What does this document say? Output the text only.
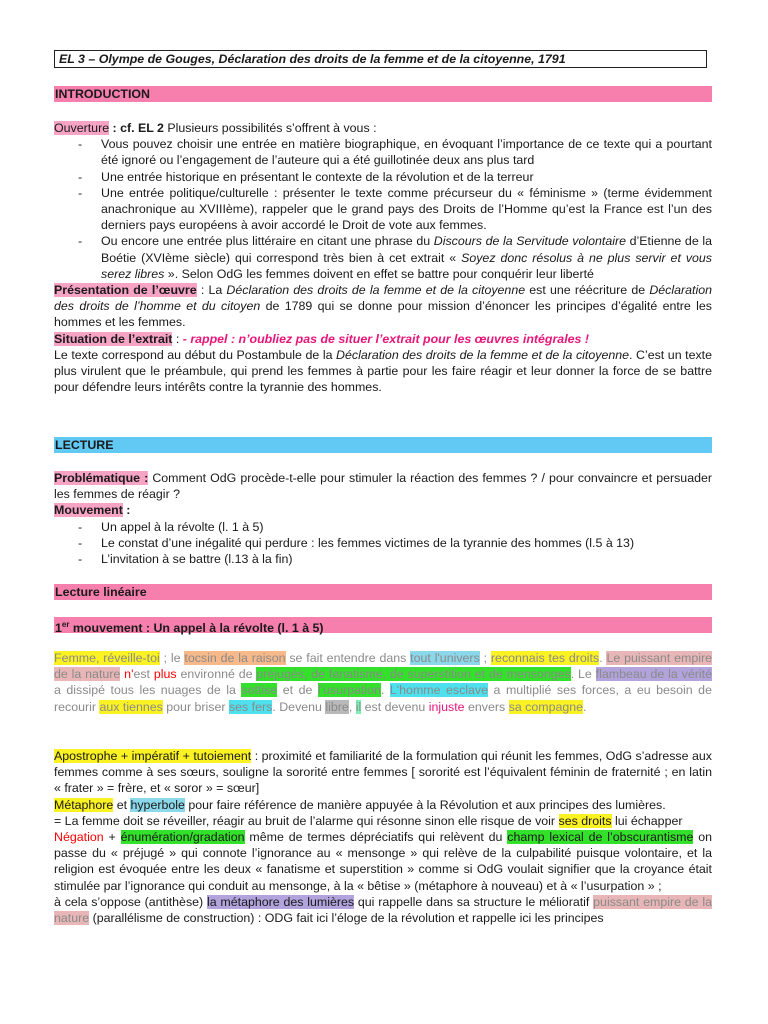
EL 3 – Olympe de Gouges, Déclaration des droits de la femme et de la citoyenne, 1791
INTRODUCTION

Ouverture : cf. EL 2 Plusieurs possibilités s’offrent à vous :

- Vous pouvez choisir une entrée en matière biographique, en évoquant l’importance de ce texte qui a pourtant été ignoré ou l’engagement de l’auteure qui a été guillotinée deux ans plus tard
- Une entrée historique en présentant le contexte de la révolution et de la terreur
- Une entrée politique/culturelle : présenter le texte comme précurseur du « féminisme » (terme évidemment anachronique au XVIIIème), rappeler que le grand pays des Droits de l’Homme qu’est la France est l’un des derniers pays européens à avoir accordé le Droit de vote aux femmes.
- Ou encore une entrée plus littéraire en citant une phrase du Discours de la Servitude volontaire d’Etienne de la Boétie (XVIème siècle) qui correspond très bien à cet extrait « Soyez donc résolus à ne plus servir et vous serez libres ». Selon OdG les femmes doivent en effet se battre pour conquérir leur liberté

Présentation de l’œuvre : La Déclaration des droits de la femme et de la citoyenne est une réécriture de Déclaration des droits de l’homme et du citoyen de 1789 qui se donne pour mission d’énoncer les principes d’égalité entre les hommes et les femmes.

Situation de l’extrait : - rappel : n’oubliez pas de situer l’extrait pour les œuvres intégrales !

Le texte correspond au début du Postambule de la Déclaration des droits de la femme et de la citoyenne. C’est un texte plus virulent que le préambule, qui prend les femmes à partie pour les faire réagir et leur donner la force de se battre pour défendre leurs intérêts contre la tyrannie des hommes.

LECTURE

Problématique : Comment OdG procède-t-elle pour stimuler la réaction des femmes ? / pour convaincre et persuader les femmes de réagir ?

Mouvement :

- Un appel à la révolte (l. 1 à 5)
- Le constat d’une inégalité qui perdure : les femmes victimes de la tyrannie des hommes (l.5 à 13)
- L’invitation à se battre (l.13 à la fin)
Lecture linéaire
1er mouvement : Un appel à la révolte (l. 1 à 5)

Femme, réveille-toi ; le tocsin de la raison se fait entendre dans tout l'univers ; reconnais tes droits. Le puissant empire de la nature n'est plus environné de préjugés, de fanatisme, de superstition et de mensonges. Le flambeau de la vérité a dissipé tous les nuages de la sottise et de l'usurpation. L'homme esclave a multiplié ses forces, a eu besoin de recourir aux tiennes pour briser ses fers. Devenu libre, il est devenu injuste envers sa compagne.

Apostrophe + impératif + tutoiement : proximité et familiarité de la formulation qui réunit les femmes, OdG s’adresse aux femmes comme à ses sœurs, souligne la sororité entre femmes [ sororité est l’équivalent féminin de fraternité ; en latin « frater » = frère, et « soror » = sœur]

Métaphore et hyperbole pour faire référence de manière appuyée à la Révolution et aux principes des lumières.

= La femme doit se réveiller, réagir au bruit de l’alarme qui résonne sinon elle risque de voir ses droits lui échapper

Négation + énumération/gradation même de termes dépréciatifs qui relèvent du champ lexical de l’obscurantisme on passe du « préjugé » qui connote l’ignorance au « mensonge » qui relève de la culpabilité puisque volontaire, et la religion est évoquée entre les deux « fanatisme et superstition » comme si OdG voulait signifier que la croyance était stimulée par l’ignorance qui conduit au mensonge, à la « bêtise » (métaphore à nouveau) et à « l’usurpation » ;

à cela s’oppose (antithèse) la métaphore des lumières qui rappelle dans sa structure le mélioratif puissant empire de la nature (parallélisme de construction) : ODG fait ici l’éloge de la révolution et rappelle ici les principes
